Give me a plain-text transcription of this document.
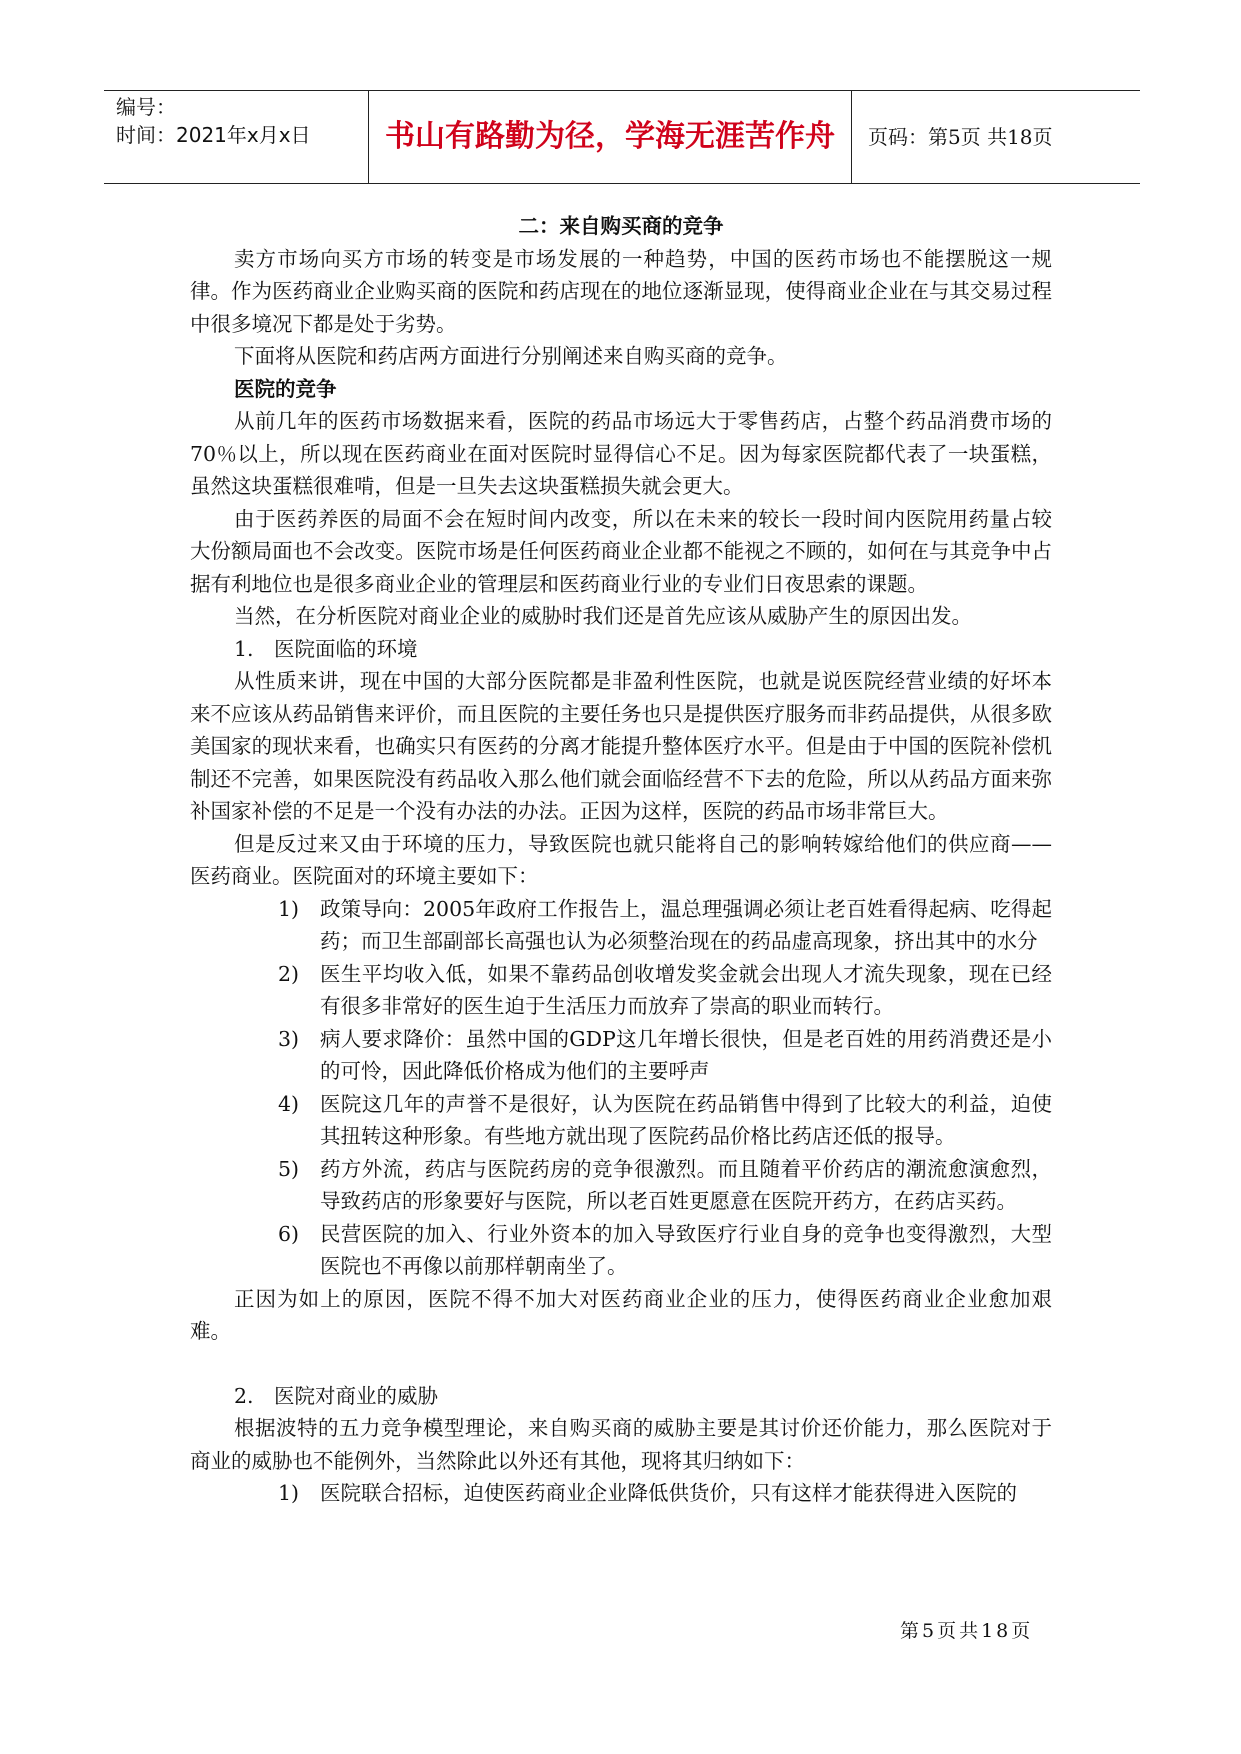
编号：
时间：2021年x月x日	书山有路勤为径，学海无涯苦作舟	页码：第5页 共18页

二：来自购买商的竞争

卖方市场向买方市场的转变是市场发展的一种趋势，中国的医药市场也不能摆脱这一规律。作为医药商业企业购买商的医院和药店现在的地位逐渐显现，使得商业企业在与其交易过程中很多境况下都是处于劣势。

下面将从医院和药店两方面进行分别阐述来自购买商的竞争。

医院的竞争

从前几年的医药市场数据来看，医院的药品市场远大于零售药店，占整个药品消费市场的70％以上，所以现在医药商业在面对医院时显得信心不足。因为每家医院都代表了一块蛋糕，虽然这块蛋糕很难啃，但是一旦失去这块蛋糕损失就会更大。

由于医药养医的局面不会在短时间内改变，所以在未来的较长一段时间内医院用药量占较大份额局面也不会改变。医院市场是任何医药商业企业都不能视之不顾的，如何在与其竞争中占据有利地位也是很多商业企业的管理层和医药商业行业的专业们日夜思索的课题。

当然，在分析医院对商业企业的威胁时我们还是首先应该从威胁产生的原因出发。

1. 医院面临的环境

从性质来讲，现在中国的大部分医院都是非盈利性医院，也就是说医院经营业绩的好坏本来不应该从药品销售来评价，而且医院的主要任务也只是提供医疗服务而非药品提供，从很多欧美国家的现状来看，也确实只有医药的分离才能提升整体医疗水平。但是由于中国的医院补偿机制还不完善，如果医院没有药品收入那么他们就会面临经营不下去的危险，所以从药品方面来弥补国家补偿的不足是一个没有办法的办法。正因为这样，医院的药品市场非常巨大。

但是反过来又由于环境的压力，导致医院也就只能将自己的影响转嫁给他们的供应商——医药商业。医院面对的环境主要如下：

1) 政策导向：2005年政府工作报告上，温总理强调必须让老百姓看得起病、吃得起药；而卫生部副部长高强也认为必须整治现在的药品虚高现象，挤出其中的水分
2) 医生平均收入低，如果不靠药品创收增发奖金就会出现人才流失现象，现在已经有很多非常好的医生迫于生活压力而放弃了崇高的职业而转行。
3) 病人要求降价：虽然中国的GDP这几年增长很快，但是老百姓的用药消费还是小的可怜，因此降低价格成为他们的主要呼声
4) 医院这几年的声誉不是很好，认为医院在药品销售中得到了比较大的利益，迫使其扭转这种形象。有些地方就出现了医院药品价格比药店还低的报导。
5) 药方外流，药店与医院药房的竞争很激烈。而且随着平价药店的潮流愈演愈烈，导致药店的形象要好与医院，所以老百姓更愿意在医院开药方，在药店买药。
6) 民营医院的加入、行业外资本的加入导致医疗行业自身的竞争也变得激烈，大型医院也不再像以前那样朝南坐了。

正因为如上的原因，医院不得不加大对医药商业企业的压力，使得医药商业企业愈加艰难。

2. 医院对商业的威胁

根据波特的五力竞争模型理论，来自购买商的威胁主要是其讨价还价能力，那么医院对于商业的威胁也不能例外，当然除此以外还有其他，现将其归纳如下：

1) 医院联合招标，迫使医药商业企业降低供货价，只有这样才能获得进入医院的
第5页共18页
